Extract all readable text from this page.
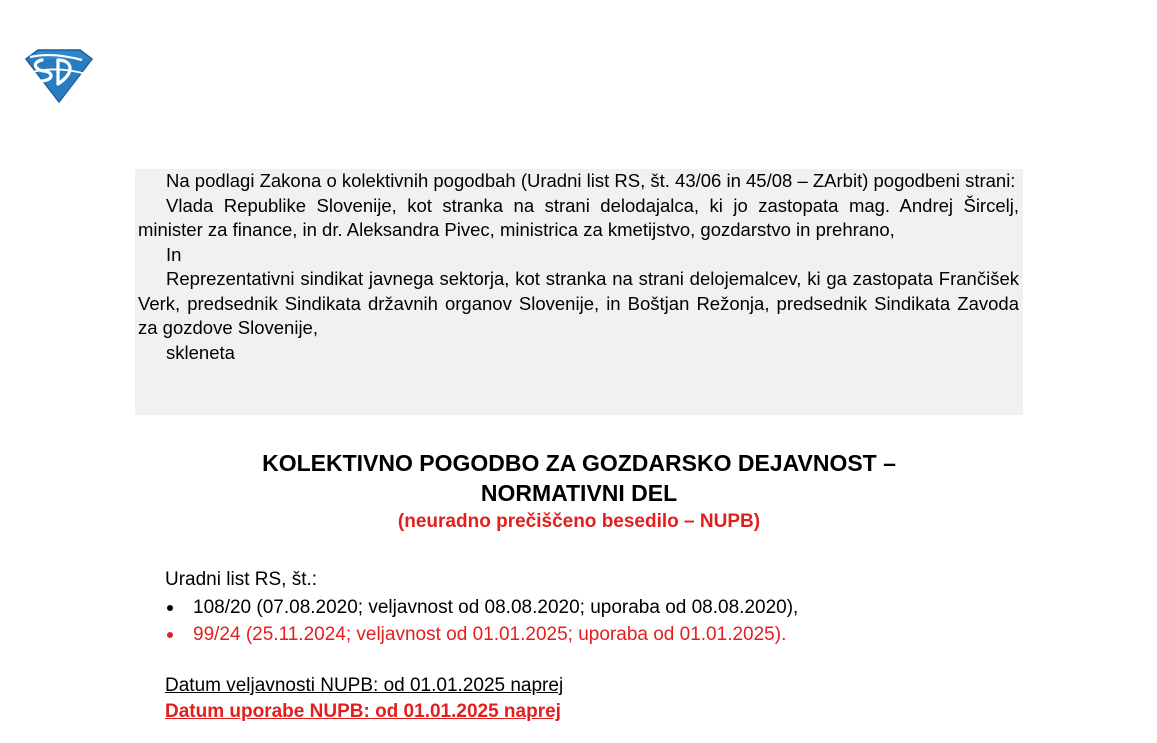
Na podlagi Zakona o kolektivnih pogodbah (Uradni list RS, št. 43/06 in 45/08 – ZArbit) pogodbeni strani:

Vlada Republike Slovenije, kot stranka na strani delodajalca, ki jo zastopata mag. Andrej Šircelj, minister za finance, in dr. Aleksandra Pivec, ministrica za kmetijstvo, gozdarstvo in prehrano,

In

Reprezentativni sindikat javnega sektorja, kot stranka na strani delojemalcev, ki ga zastopata Frančišek Verk, predsednik Sindikata državnih organov Slovenije, in Boštjan Režonja, predsednik Sindikata Zavoda za gozdove Slovenije,

skleneta

KOLEKTIVNO POGODBO ZA GOZDARSKO DEJAVNOST –
NORMATIVNI DEL
(neuradno prečiščeno besedilo – NUPB)
Uradni list RS, št.:
108/20 (07.08.2020; veljavnost od 08.08.2020; uporaba od 08.08.2020),
99/24 (25.11.2024; veljavnost od 01.01.2025; uporaba od 01.01.2025).
Datum veljavnosti NUPB: od 01.01.2025 naprej
Datum uporabe NUPB: od 01.01.2025 naprej
